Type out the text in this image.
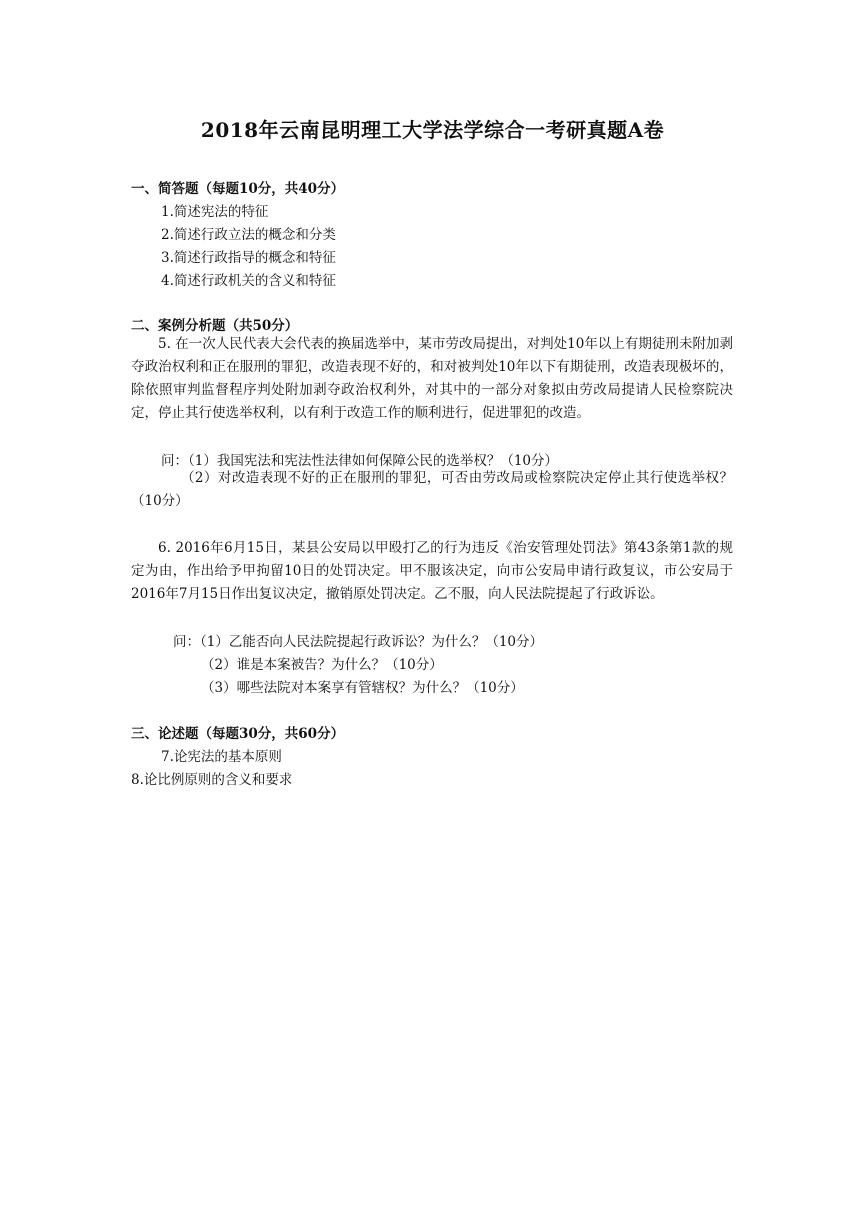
2018年云南昆明理工大学法学综合一考研真题A卷
一、简答题（每题10分，共40分）
1.简述宪法的特征
2.简述行政立法的概念和分类
3.简述行政指导的概念和特征
4.简述行政机关的含义和特征
二、案例分析题（共50分）

5. 在一次人民代表大会代表的换届选举中，某市劳改局提出，对判处10年以上有期徒刑未附加剥夺政治权利和正在服刑的罪犯，改造表现不好的，和对被判处10年以下有期徒刑，改造表现极坏的，除依照审判监督程序判处附加剥夺政治权利外，对其中的一部分对象拟由劳改局提请人民检察院决定，停止其行使选举权利，以有利于改造工作的顺利进行，促进罪犯的改造。

问：（1）我国宪法和宪法性法律如何保障公民的选举权？（10分）

（2）对改造表现不好的正在服刑的罪犯，可否由劳改局或检察院决定停止其行使选举权？（10分）

6. 2016年6月15日，某县公安局以甲殴打乙的行为违反《治安管理处罚法》第43条第1款的规定为由，作出给予甲拘留10日的处罚决定。甲不服该决定，向市公安局申请行政复议，市公安局于2016年7月15日作出复议决定，撤销原处罚决定。乙不服，向人民法院提起了行政诉讼。

问：（1）乙能否向人民法院提起行政诉讼？为什么？（10分）
（2）谁是本案被告？为什么？（10分）
（3）哪些法院对本案享有管辖权？为什么？（10分）
三、论述题（每题30分，共60分）
7.论宪法的基本原则
8.论比例原则的含义和要求
